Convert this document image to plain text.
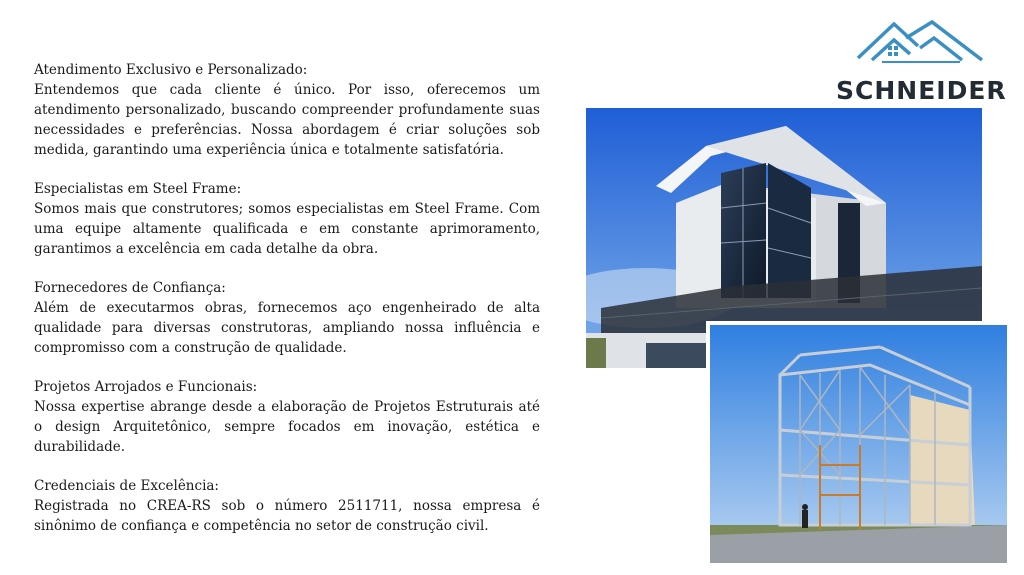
Atendimento Exclusivo e Personalizado:
Entendemos que cada cliente é único. Por isso, oferecemos um atendimento personalizado, buscando compreender profundamente suas necessidades e preferências. Nossa abordagem é criar soluções sob medida, garantindo uma experiência única e totalmente satisfatória.
Especialistas em Steel Frame:
Somos mais que construtores; somos especialistas em Steel Frame. Com uma equipe altamente qualificada e em constante aprimoramento, garantimos a excelência em cada detalhe da obra.
Fornecedores de Confiança:
Além de executarmos obras, fornecemos aço engenheirado de alta qualidade para diversas construtoras, ampliando nossa influência e compromisso com a construção de qualidade.
Projetos Arrojados e Funcionais:
Nossa expertise abrange desde a elaboração de Projetos Estruturais até o design Arquitetônico, sempre focados em inovação, estética e durabilidade.
Credenciais de Excelência:
Registrada no CREA-RS sob o número 2511711, nossa empresa é sinônimo de confiança e competência no setor de construção civil.
SCHNEIDER
